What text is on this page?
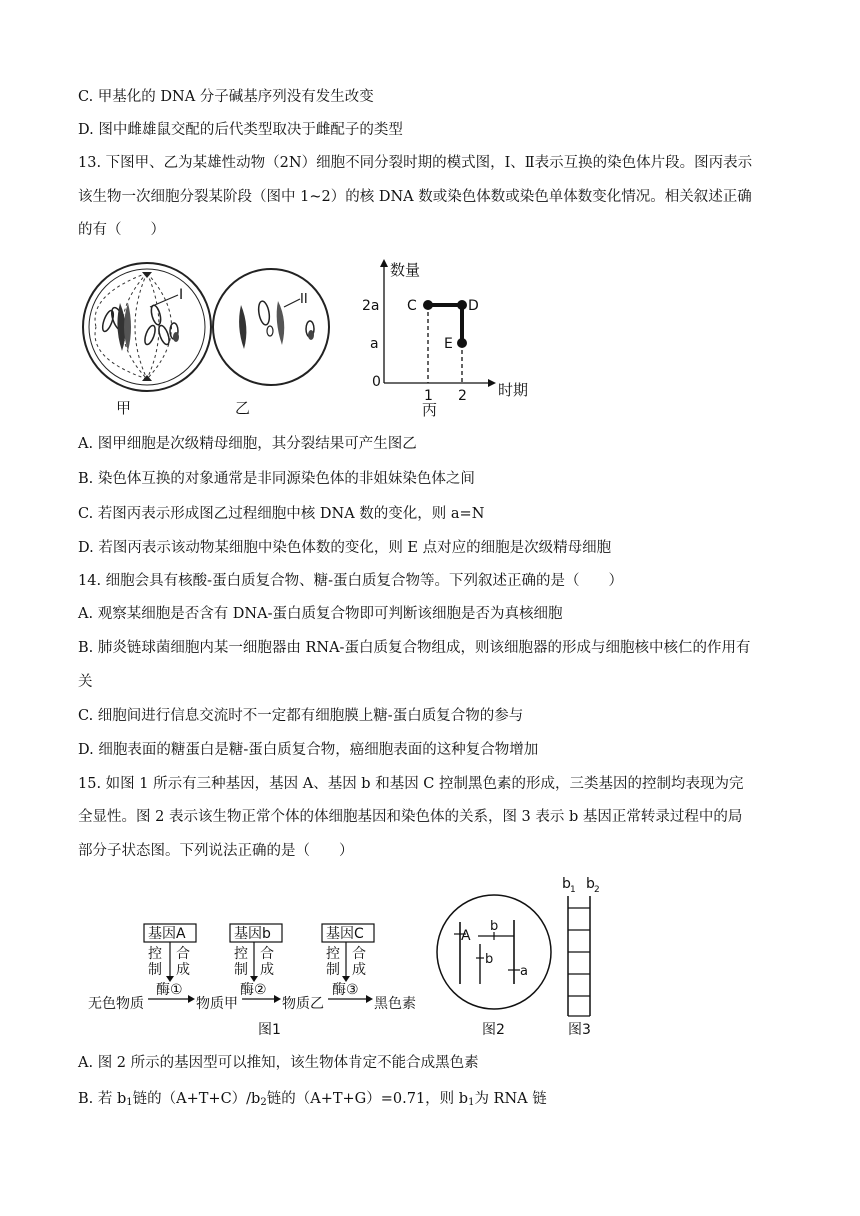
C. 甲基化的 DNA 分子碱基序列没有发生改变
D. 图中雌雄鼠交配的后代类型取决于雌配子的类型
13. 下图甲、乙为某雄性动物（2N）细胞不同分裂时期的模式图，Ⅰ、Ⅱ表示互换的染色体片段。图丙表示
该生物一次细胞分裂某阶段（图中 1~2）的核 DNA 数或染色体数或染色单体数变化情况。相关叙述正确
的有（　　）
I
甲
II
乙
数量
时期
2a
a
0
1 2
C	D
E
丙
A. 图甲细胞是次级精母细胞，其分裂结果可产生图乙
B. 染色体互换的对象通常是非同源染色体的非姐妹染色体之间
C. 若图丙表示形成图乙过程细胞中核 DNA 数的变化，则 a=N
D. 若图丙表示该动物某细胞中染色体数的变化，则 E 点对应的细胞是次级精母细胞
14. 细胞会具有核酸-蛋白质复合物、糖-蛋白质复合物等。下列叙述正确的是（　　）
A. 观察某细胞是否含有 DNA-蛋白质复合物即可判断该细胞是否为真核细胞
B. 肺炎链球菌细胞内某一细胞器由 RNA-蛋白质复合物组成，则该细胞器的形成与细胞核中核仁的作用有
关
C. 细胞间进行信息交流时不一定都有细胞膜上糖-蛋白质复合物的参与
D. 细胞表面的糖蛋白是糖-蛋白质复合物，癌细胞表面的这种复合物增加
15. 如图 1 所示有三种基因，基因 A、基因 b 和基因 C 控制黑色素的形成，三类基因的控制均表现为完
全显性。图 2 表示该生物正常个体的体细胞基因和染色体的关系，图 3 表示 b 基因正常转录过程中的局
部分子状态图。下列说法正确的是（　　）
基因A	基因b	基因C
控
制
合
成
酶①
控
制
合
成
酶②
控
制
合
成
酶③
无色物质	物质甲	物质乙	黑色素
图1
A
b
b
a
图2
b 1 b 2
图3
A. 图 2 所示的基因型可以推知，该生物体肯定不能合成黑色素
B. 若 $b_1$链的$(A+T+C)/b_2$链的（A+T+G）=0.71，则 $b_1$为 RNA 链
